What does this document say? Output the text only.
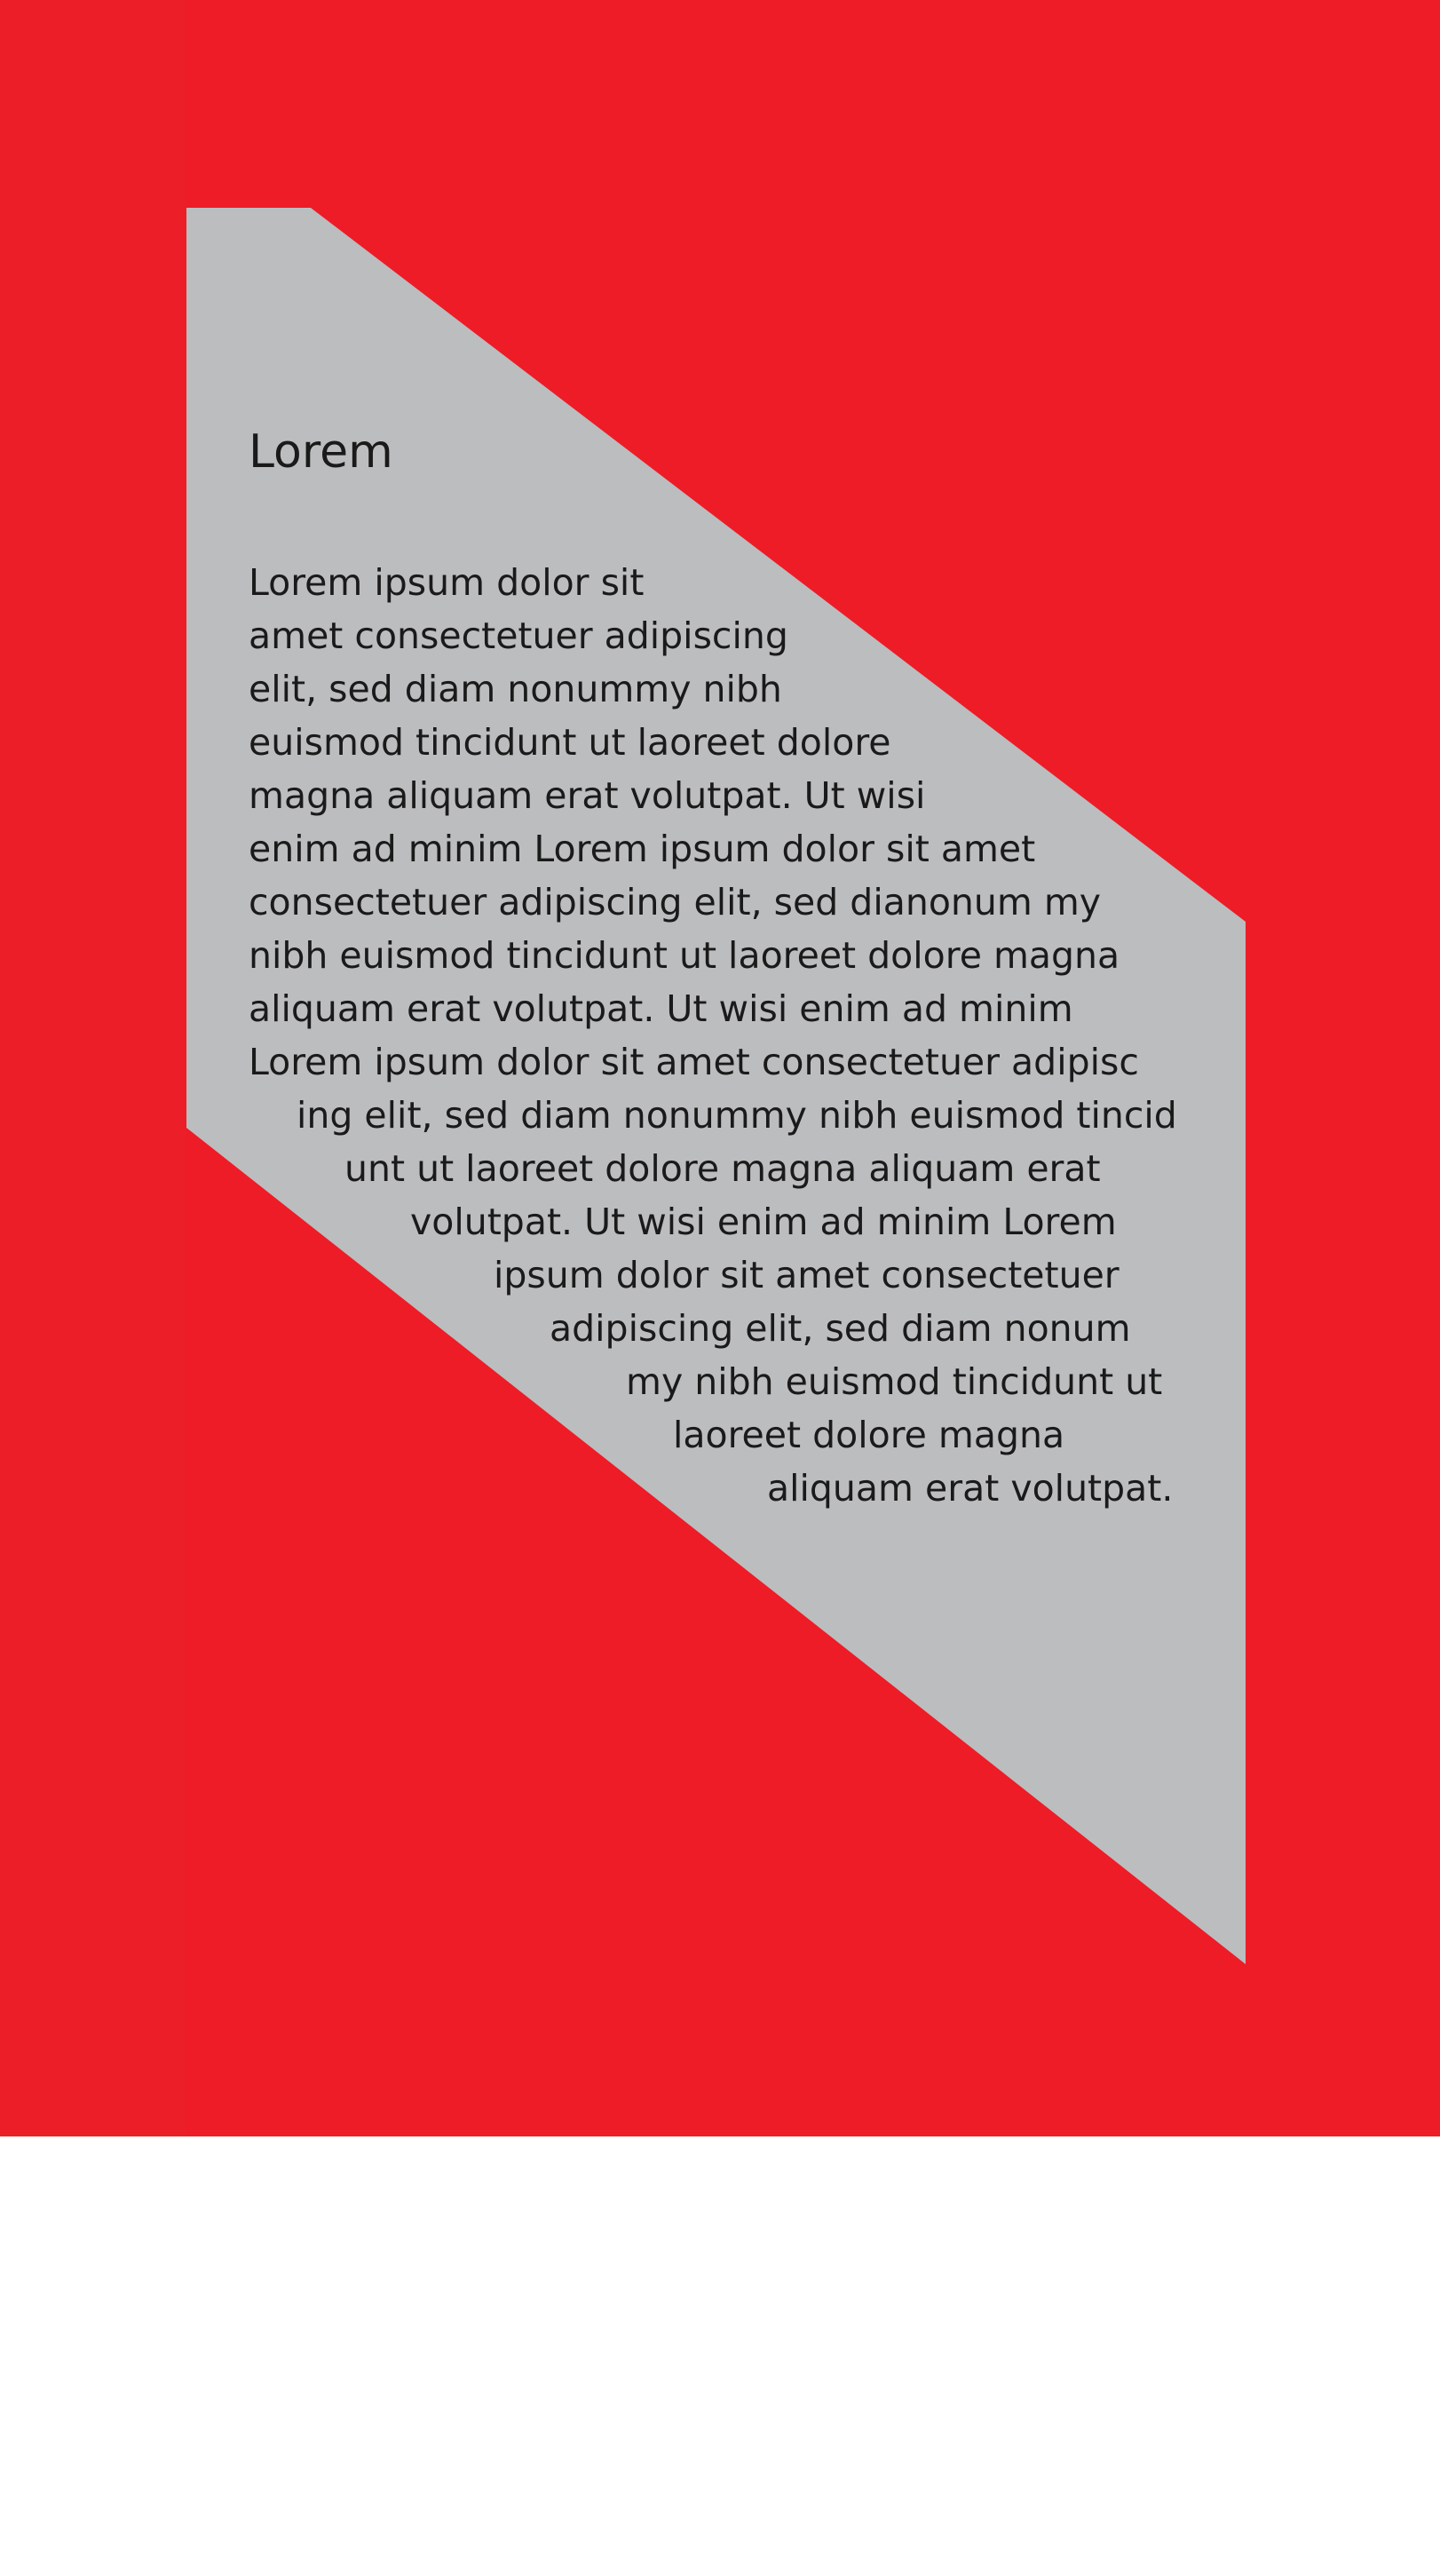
Lorem

Lorem ipsum dolor sit

amet consectetuer adipiscing

elit, sed diam nonummy nibh

euismod tincidunt ut laoreet dolore

magna aliquam erat volutpat. Ut wisi

enim ad minim Lorem ipsum dolor sit amet

consectetuer adipiscing elit, sed dianonum my

nibh euismod tincidunt ut laoreet dolore magna

aliquam erat volutpat. Ut wisi enim ad minim

Lorem ipsum dolor sit amet consectetuer adipisc

ing elit, sed diam nonummy nibh euismod tincid

unt ut laoreet dolore magna aliquam erat

volutpat. Ut wisi enim ad minim Lorem

ipsum dolor sit amet consectetuer

adipiscing elit, sed diam nonum

my nibh euismod tincidunt ut

laoreet dolore magna

aliquam erat volutpat.
